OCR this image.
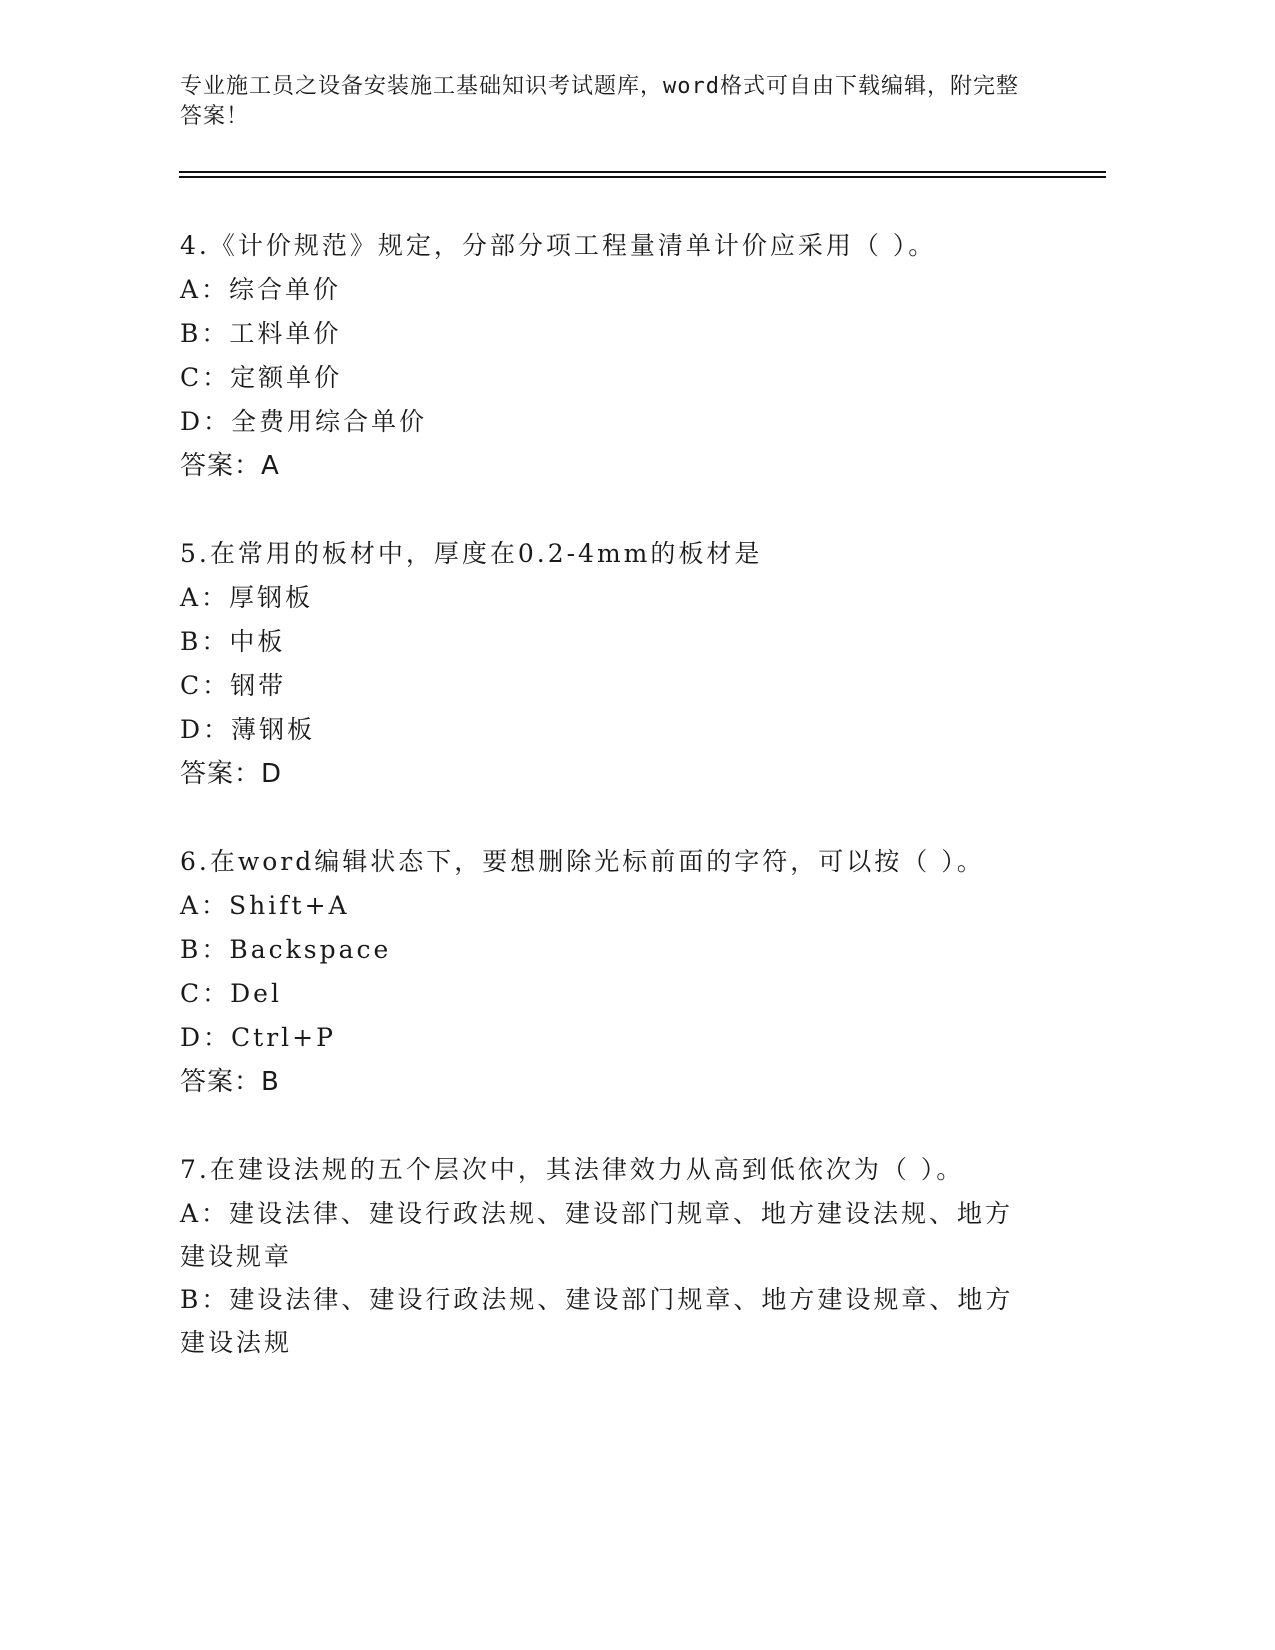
专业施工员之设备安装施工基础知识考试题库，word格式可自由下载编辑，附完整答案！
4.《计价规范》规定，分部分项工程量清单计价应采用（ ）。
A：综合单价
B：工料单价
C：定额单价
D：全费用综合单价
答案：A
5.在常用的板材中，厚度在0.2-4mm的板材是
A：厚钢板
B：中板
C：钢带
D：薄钢板
答案：D
6.在word编辑状态下，要想删除光标前面的字符，可以按（ ）。
A：Shift+A
B：Backspace
C：Del
D：Ctrl+P
答案：B
7.在建设法规的五个层次中，其法律效力从高到低依次为（ ）。
A：建设法律、建设行政法规、建设部门规章、地方建设法规、地方建设规章
B：建设法律、建设行政法规、建设部门规章、地方建设规章、地方建设法规
